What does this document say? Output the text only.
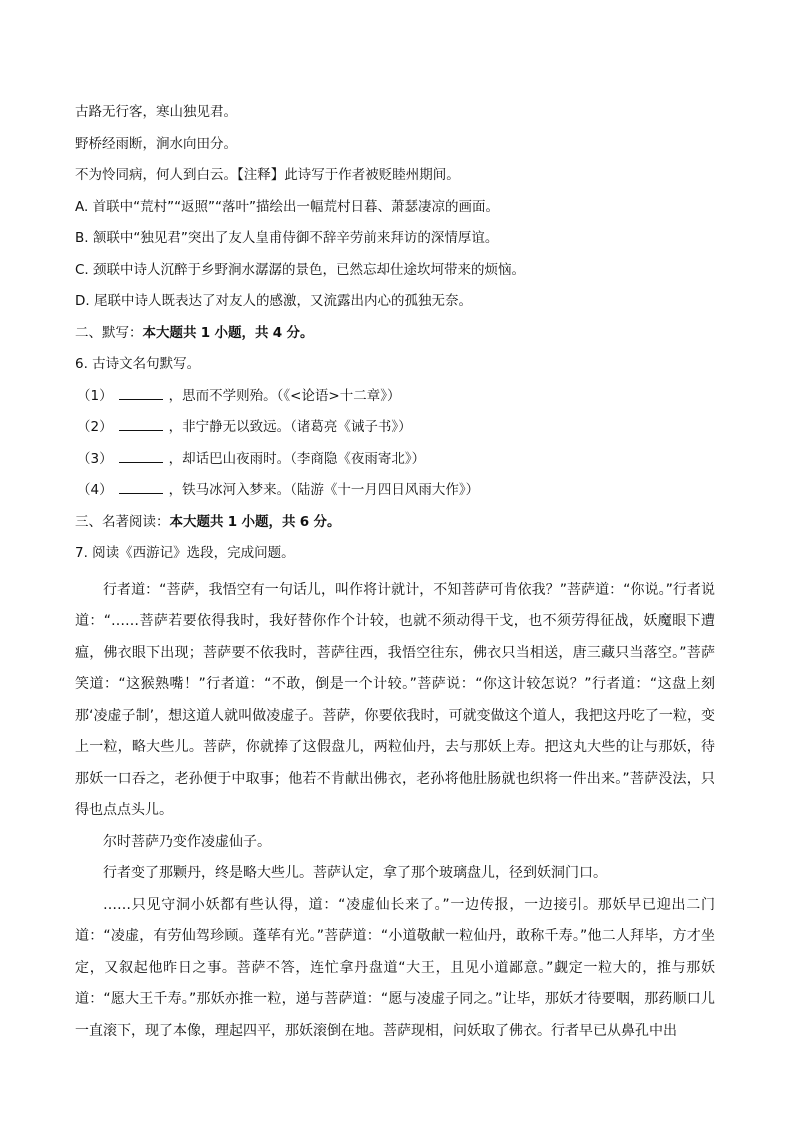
古路无行客，寒山独见君。
野桥经雨断，涧水向田分。
不为怜同病，何人到白云。【注释】此诗写于作者被贬睦州期间。
A. 首联中“荒村”“返照”“落叶”描绘出一幅荒村日暮、萧瑟凄凉的画面。
B. 颔联中“独见君”突出了友人皇甫侍御不辞辛劳前来拜访的深情厚谊。
C. 颈联中诗人沉醉于乡野涧水潺潺的景色，已然忘却仕途坎坷带来的烦恼。
D. 尾联中诗人既表达了对友人的感激，又流露出内心的孤独无奈。
二、默写：本大题共 1 小题，共 4 分。
6. 古诗文名句默写。
（1）	，思而不学则殆。（《<论语>十二章》）
（2）	，非宁静无以致远。（诸葛亮《诫子书》）
（3）	，却话巴山夜雨时。（李商隐《夜雨寄北》）
（4）	，铁马冰河入梦来。（陆游《十一月四日风雨大作》）
三、名著阅读：本大题共 1 小题，共 6 分。
7. 阅读《西游记》选段，完成问题。

行者道：“菩萨，我悟空有一句话儿，叫作将计就计，不知菩萨可肯依我？”菩萨道：“你说。”行者说道：“……菩萨若要依得我时，我好替你作个计较，也就不须动得干戈，也不须劳得征战，妖魔眼下遭瘟，佛衣眼下出现；菩萨要不依我时，菩萨往西，我悟空往东，佛衣只当相送，唐三藏只当落空。”菩萨笑道：“这猴熟嘴！”行者道：“不敢，倒是一个计较。”菩萨说：“你这计较怎说？”行者道：“这盘上刻那‘凌虚子制’，想这道人就叫做凌虚子。菩萨，你要依我时，可就变做这个道人，我把这丹吃了一粒，变上一粒，略大些儿。菩萨，你就捧了这假盘儿，两粒仙丹，去与那妖上寿。把这丸大些的让与那妖，待那妖一口吞之，老孙便于中取事；他若不肯献出佛衣，老孙将他肚肠就也织将一件出来。”菩萨没法，只得也点点头儿。

尔时菩萨乃变作凌虚仙子。

行者变了那颗丹，终是略大些儿。菩萨认定，拿了那个玻璃盘儿，径到妖洞门口。

……只见守洞小妖都有些认得，道：“凌虚仙长来了。”一边传报，一边接引。那妖早已迎出二门道：“凌虚，有劳仙驾珍顾。蓬荜有光。”菩萨道：“小道敬献一粒仙丹，敢称千寿。”他二人拜毕，方才坐定，又叙起他昨日之事。菩萨不答，连忙拿丹盘道“大王，且见小道鄙意。”觑定一粒大的，推与那妖道：“愿大王千寿。”那妖亦推一粒，递与菩萨道：“愿与凌虚子同之。”让毕，那妖才待要咽，那药顺口儿一直滚下，现了本像，理起四平，那妖滚倒在地。菩萨现相，问妖取了佛衣。行者早已从鼻孔中出
